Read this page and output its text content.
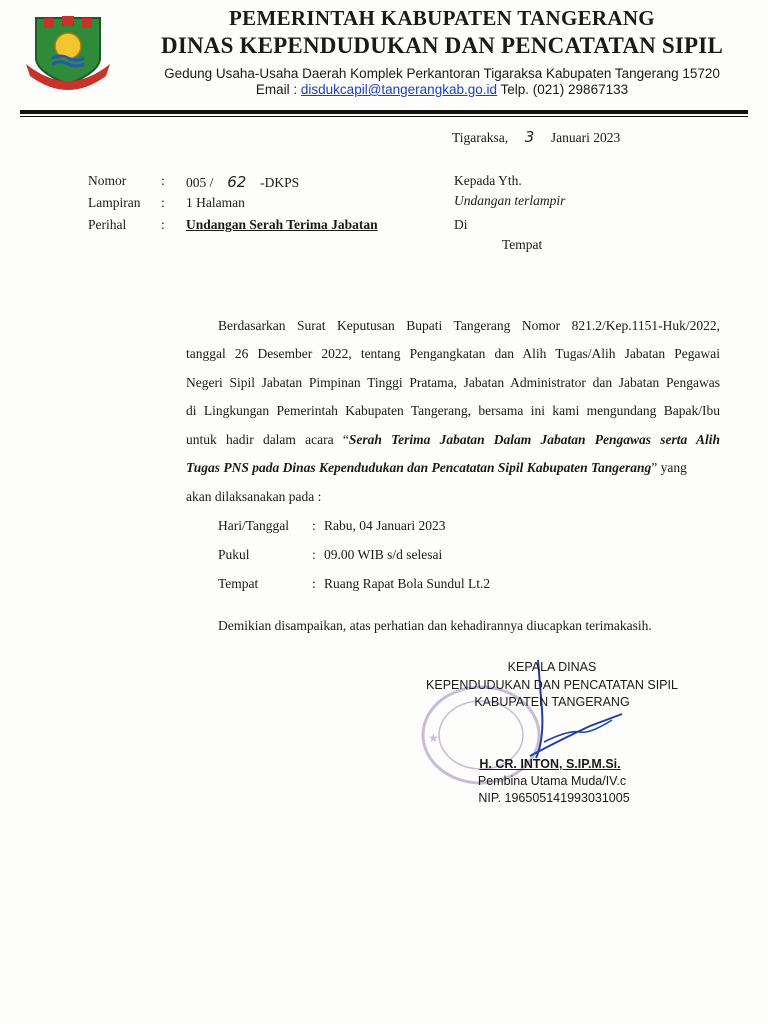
PEMERINTAH KABUPATEN TANGERANG
DINAS KEPENDUDUKAN DAN PENCATATAN SIPIL
Gedung Usaha-Usaha Daerah Komplek Perkantoran Tigaraksa Kabupaten Tangerang 15720
Email : disdukcapil@tangerangkab.go.id Telp. (021) 29867133
Tigaraksa, 3 Januari 2023
Nomor	: 005 / 62 -DKPS
Lampiran : 1 Halaman
Perihal	: Undangan Serah Terima Jabatan
Kepada Yth.
Undangan terlampir
Di
Tempat
Berdasarkan Surat Keputusan Bupati Tangerang Nomor 821.2/Kep.1151-Huk/2022,
tanggal 26 Desember 2022, tentang Pengangkatan dan Alih Tugas/Alih Jabatan Pegawai
Negeri Sipil Jabatan Pimpinan Tinggi Pratama, Jabatan Administrator dan Jabatan Pengawas
di Lingkungan Pemerintah Kabupaten Tangerang, bersama ini kami mengundang Bapak/Ibu
untuk hadir dalam acara “Serah Terima Jabatan Dalam Jabatan Pengawas serta Alih
Tugas PNS pada Dinas Kependudukan dan Pencatatan Sipil Kabupaten Tangerang” yang
akan dilaksanakan pada :
Hari/Tanggal : Rabu, 04 Januari 2023
Pukul	: 09.00 WIB s/d selesai
Tempat	: Ruang Rapat Bola Sundul Lt.2
Demikian disampaikan, atas perhatian dan kehadirannya diucapkan terimakasih.
★
KEPALA DINAS
KEPENDUDUKAN DAN PENCATATAN SIPIL
KABUPATEN TANGERANG
H. CR. INTON, S.IP.M.Si.
Pembina Utama Muda/IV.c
NIP. 196505141993031005
